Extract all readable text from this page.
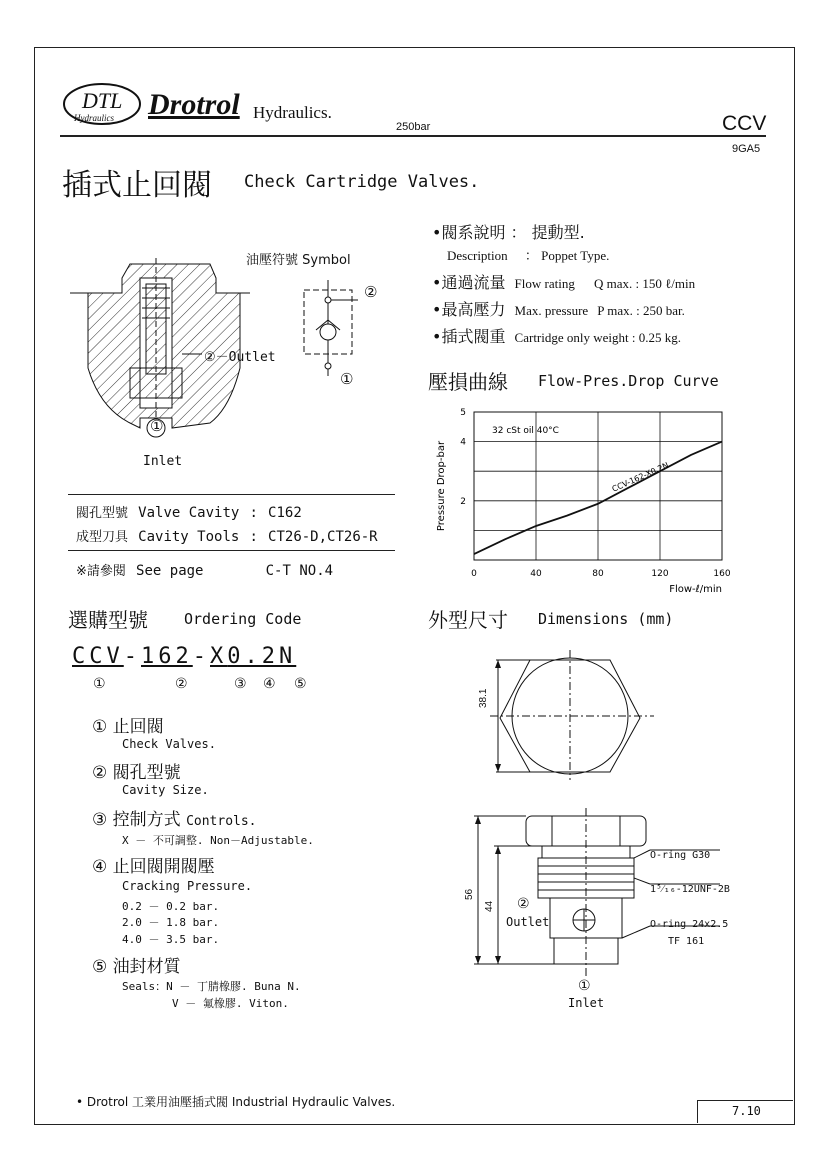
DTL
Hydraulics Drotrol Hydraulics.
250bar	CCV
9GA5
插式止回閥 Check Cartridge Valves.
油壓符號 Symbol
②－Outlet
①
Inlet
②
①
•閥系說明 ： 提動型.
Description ： Poppet Type.
•通過流量 Flow rating Q max. : 150 ℓ/min
•最高壓力 Max. pressure P max. : 250 bar.
•插式閥重 Cartridge only weight : 0.25 kg.
閥孔型號 Valve Cavity : C162
成型刀具 Cavity Tools : CT26-D,CT26-R
※請參閱 See page	C-T NO.4
壓損曲線 Flow-Pres.Drop Curve
0	40	80	120	160
2
4
5
CCV-162-X0.2N
32 cSt oil 40°C
Flow-ℓ/min
Pressure Drop-bar
選購型號 Ordering Code
CCV-162-X0.2N
①	②	③ ④ ⑤
① 止回閥
Check Valves.
② 閥孔型號
Cavity Size.
③ 控制方式 Controls.
X － 不可調整. Non－Adjustable.
④ 止回閥開閥壓
Cracking Pressure.
0.2 － 0.2 bar.
2.0 － 1.8 bar.
4.0 － 3.5 bar.
⑤ 油封材質
Seals：N － 丁腈橡膠. Buna N.
V － 氟橡膠. Viton.
外型尺寸 Dimensions (mm)
38.1
56
44
O-ring G30
1⁵⁄₁₆-12UNF-2B
O-ring 24x2.5
TF 161
②
Outlet
①
Inlet
• Drotrol 工業用油壓插式閥 Industrial Hydraulic Valves.
7.10
